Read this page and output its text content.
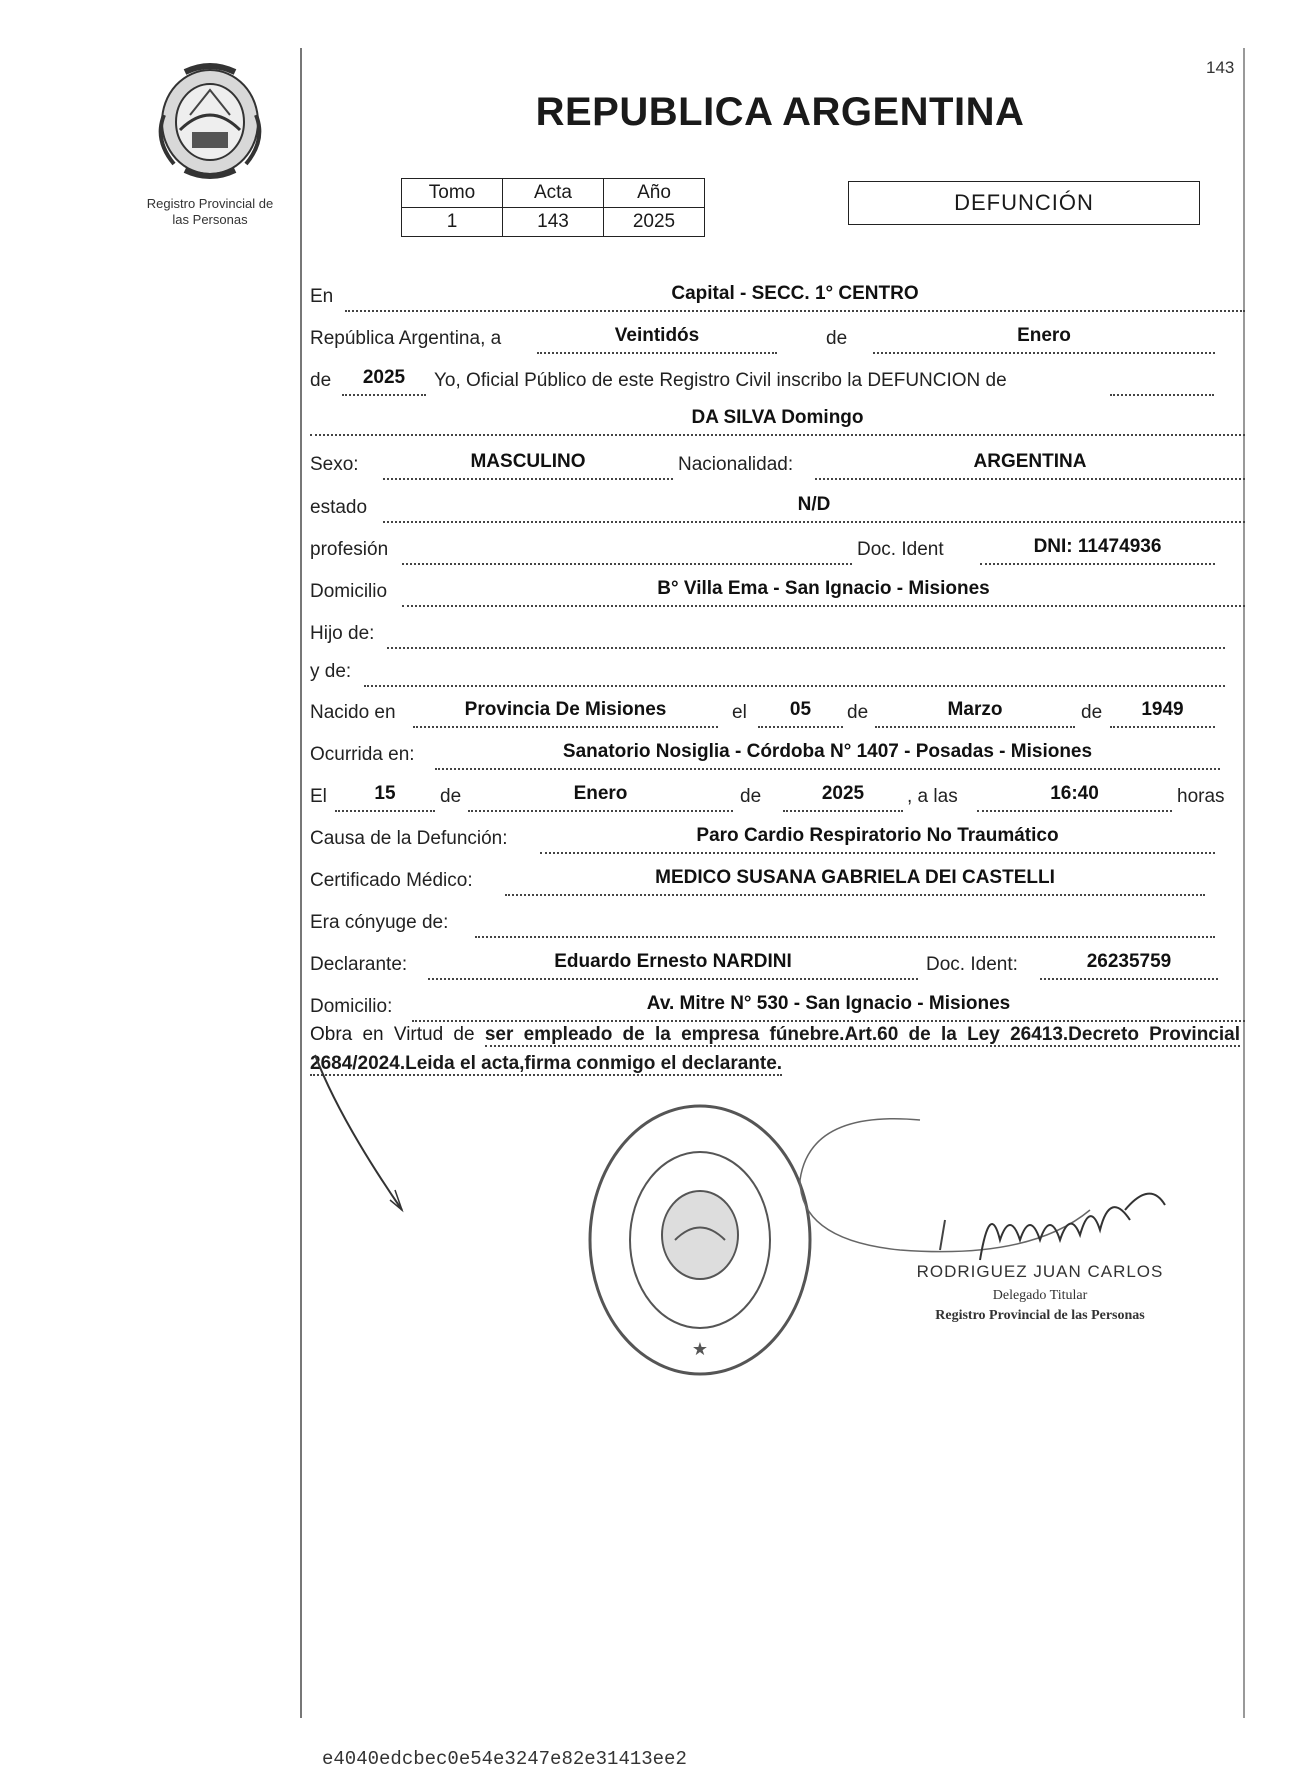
Registro Provincial de
las Personas
143
REPUBLICA ARGENTINA
Tomo	Acta	Año
1	143	2025
DEFUNCIÓN
En	Capital - SECC. 1° CENTRO
República Argentina, a	Veintidós	de	Enero
de	2025	Yo, Oficial Público de este Registro Civil inscribo la DEFUNCION de
DA SILVA Domingo
Sexo:	MASCULINO	Nacionalidad:	ARGENTINA
estado	N/D
profesión	Doc. Ident	DNI: 11474936
Domicilio	B° Villa Ema - San Ignacio - Misiones
Hijo de:
y de:
Nacido en	Provincia De Misiones	el	05	de	Marzo	de	1949
Ocurrida en:	Sanatorio Nosiglia - Córdoba N° 1407 - Posadas - Misiones
El	15	de	Enero	de	2025	, a las	16:40	horas
Causa de la Defunción:	Paro Cardio Respiratorio No Traumático
Certificado Médico:	MEDICO SUSANA GABRIELA DEI CASTELLI
Era cónyuge de:
Declarante:	Eduardo Ernesto NARDINI	Doc. Ident:	26235759
Domicilio:	Av. Mitre N° 530 - San Ignacio - Misiones
Obra en Virtud de ser empleado de la empresa fúnebre.Art.60 de la Ley 26413.Decreto Provincial 2684/2024.Leida el acta,firma conmigo el declarante.
★
RODRIGUEZ JUAN CARLOS
Delegado Titular
Registro Provincial de las Personas
e4040edcbec0e54e3247e82e31413ee2
